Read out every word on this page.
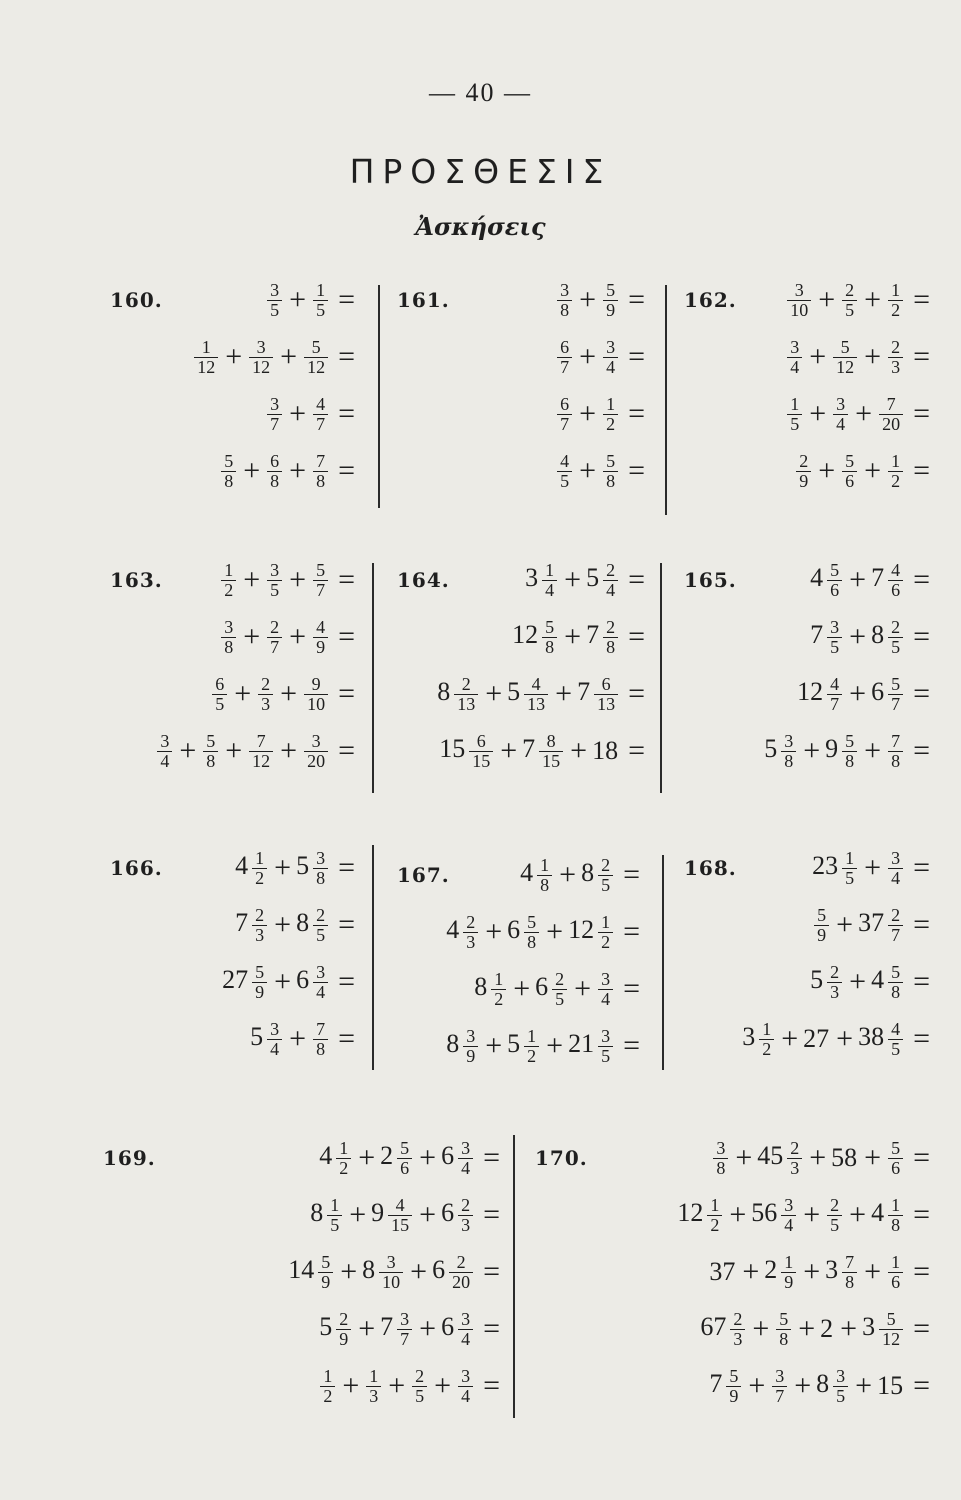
— 40 —
ΠΡΟΣΘΕΣΙΣ
Ἀσκήσεις
160.	$\frac{3}{5} + \frac{1}{5}$ =
$\frac{1}{12} + \frac{3}{12} + \frac{5}{12}$ =
$\frac{3}{7} + \frac{4}{7}$ =
$\frac{5}{8} + \frac{6}{8} + \frac{7}{8}$ =
161.	$\frac{3}{8} + \frac{5}{9}$ =
$\frac{6}{7} + \frac{3}{4}$ =
$\frac{6}{7} + \frac{1}{2}$ =
$\frac{4}{5} + \frac{5}{8}$ =
162.	$\frac{3}{10} + \frac{2}{5} + \frac{1}{2}$ =
$\frac{3}{4} + \frac{5}{12} + \frac{2}{3}$ =
$\frac{1}{5} + \frac{3}{4} + \frac{7}{20}$ =
$\frac{2}{9} + \frac{5}{6} + \frac{1}{2}$ =
163.	$\frac{1}{2} + \frac{3}{5} + \frac{5}{7}$ =
$\frac{3}{8} + \frac{2}{7} + \frac{4}{9}$ =
$\frac{6}{5} + \frac{2}{3} + \frac{9}{10}$ =
$\frac{3}{4} + \frac{5}{8} + \frac{7}{12} + \frac{3}{20}$ =
164.	$3 \frac{1}{4} + 5 \frac{2}{4}$ =
$12 \frac{5}{8} + 7 \frac{2}{8}$ =
$8 \frac{2}{13} + 5 \frac{4}{13} + 7 \frac{6}{13}$ =
$15 \frac{6}{15} + 7 \frac{8}{15} + 18$ =
165.	$4 \frac{5}{6} + 7 \frac{4}{6}$ =
$7 \frac{3}{5} + 8 \frac{2}{5}$ =
$12 \frac{4}{7} + 6 \frac{5}{7}$ =
$5 \frac{3}{8} + 9 \frac{5}{8} + \frac{7}{8}$ =
166.	$4 \frac{1}{2} + 5 \frac{3}{8}$ =
$7 \frac{2}{3} + 8 \frac{2}{5}$ =
$27 \frac{5}{9} + 6 \frac{3}{4}$ =
$5 \frac{3}{4} + \frac{7}{8}$ =
167.	$4 \frac{1}{8} + 8 \frac{2}{5}$ =
$4 \frac{2}{3} + 6 \frac{5}{8} + 12 \frac{1}{2}$ =
$8 \frac{1}{2} + 6 \frac{2}{5} + \frac{3}{4}$ =
$8 \frac{3}{9} + 5 \frac{1}{2} + 21 \frac{3}{5}$ =
168.	$23 \frac{1}{5} + \frac{3}{4}$ =
$\frac{5}{9} + 37 \frac{2}{7}$ =
$5 \frac{2}{3} + 4 \frac{5}{8}$ =
$3 \frac{1}{2} + 27 + 38 \frac{4}{5}$ =
169.	$4 \frac{1}{2} + 2 \frac{5}{6} + 6 \frac{3}{4}$ =
$8 \frac{1}{5} + 9 \frac{4}{15} + 6 \frac{2}{3}$ =
$14 \frac{5}{9} + 8 \frac{3}{10} + 6 \frac{2}{20}$ =
$5 \frac{2}{9} + 7 \frac{3}{7} + 6 \frac{3}{4}$ =
$\frac{1}{2} + \frac{1}{3} + \frac{2}{5} + \frac{3}{4}$ =
170.	$\frac{3}{8} + 45 \frac{2}{3} + 58 + \frac{5}{6}$ =
$12 \frac{1}{2} + 56 \frac{3}{4} + \frac{2}{5} + 4 \frac{1}{8}$ =
$37 + 2 \frac{1}{9} + 3 \frac{7}{8} + \frac{1}{6}$ =
$67 \frac{2}{3} + \frac{5}{8} + 2 + 3 \frac{5}{12}$ =
$7 \frac{5}{9} + \frac{3}{7} + 8 \frac{3}{5} + 15$ =
